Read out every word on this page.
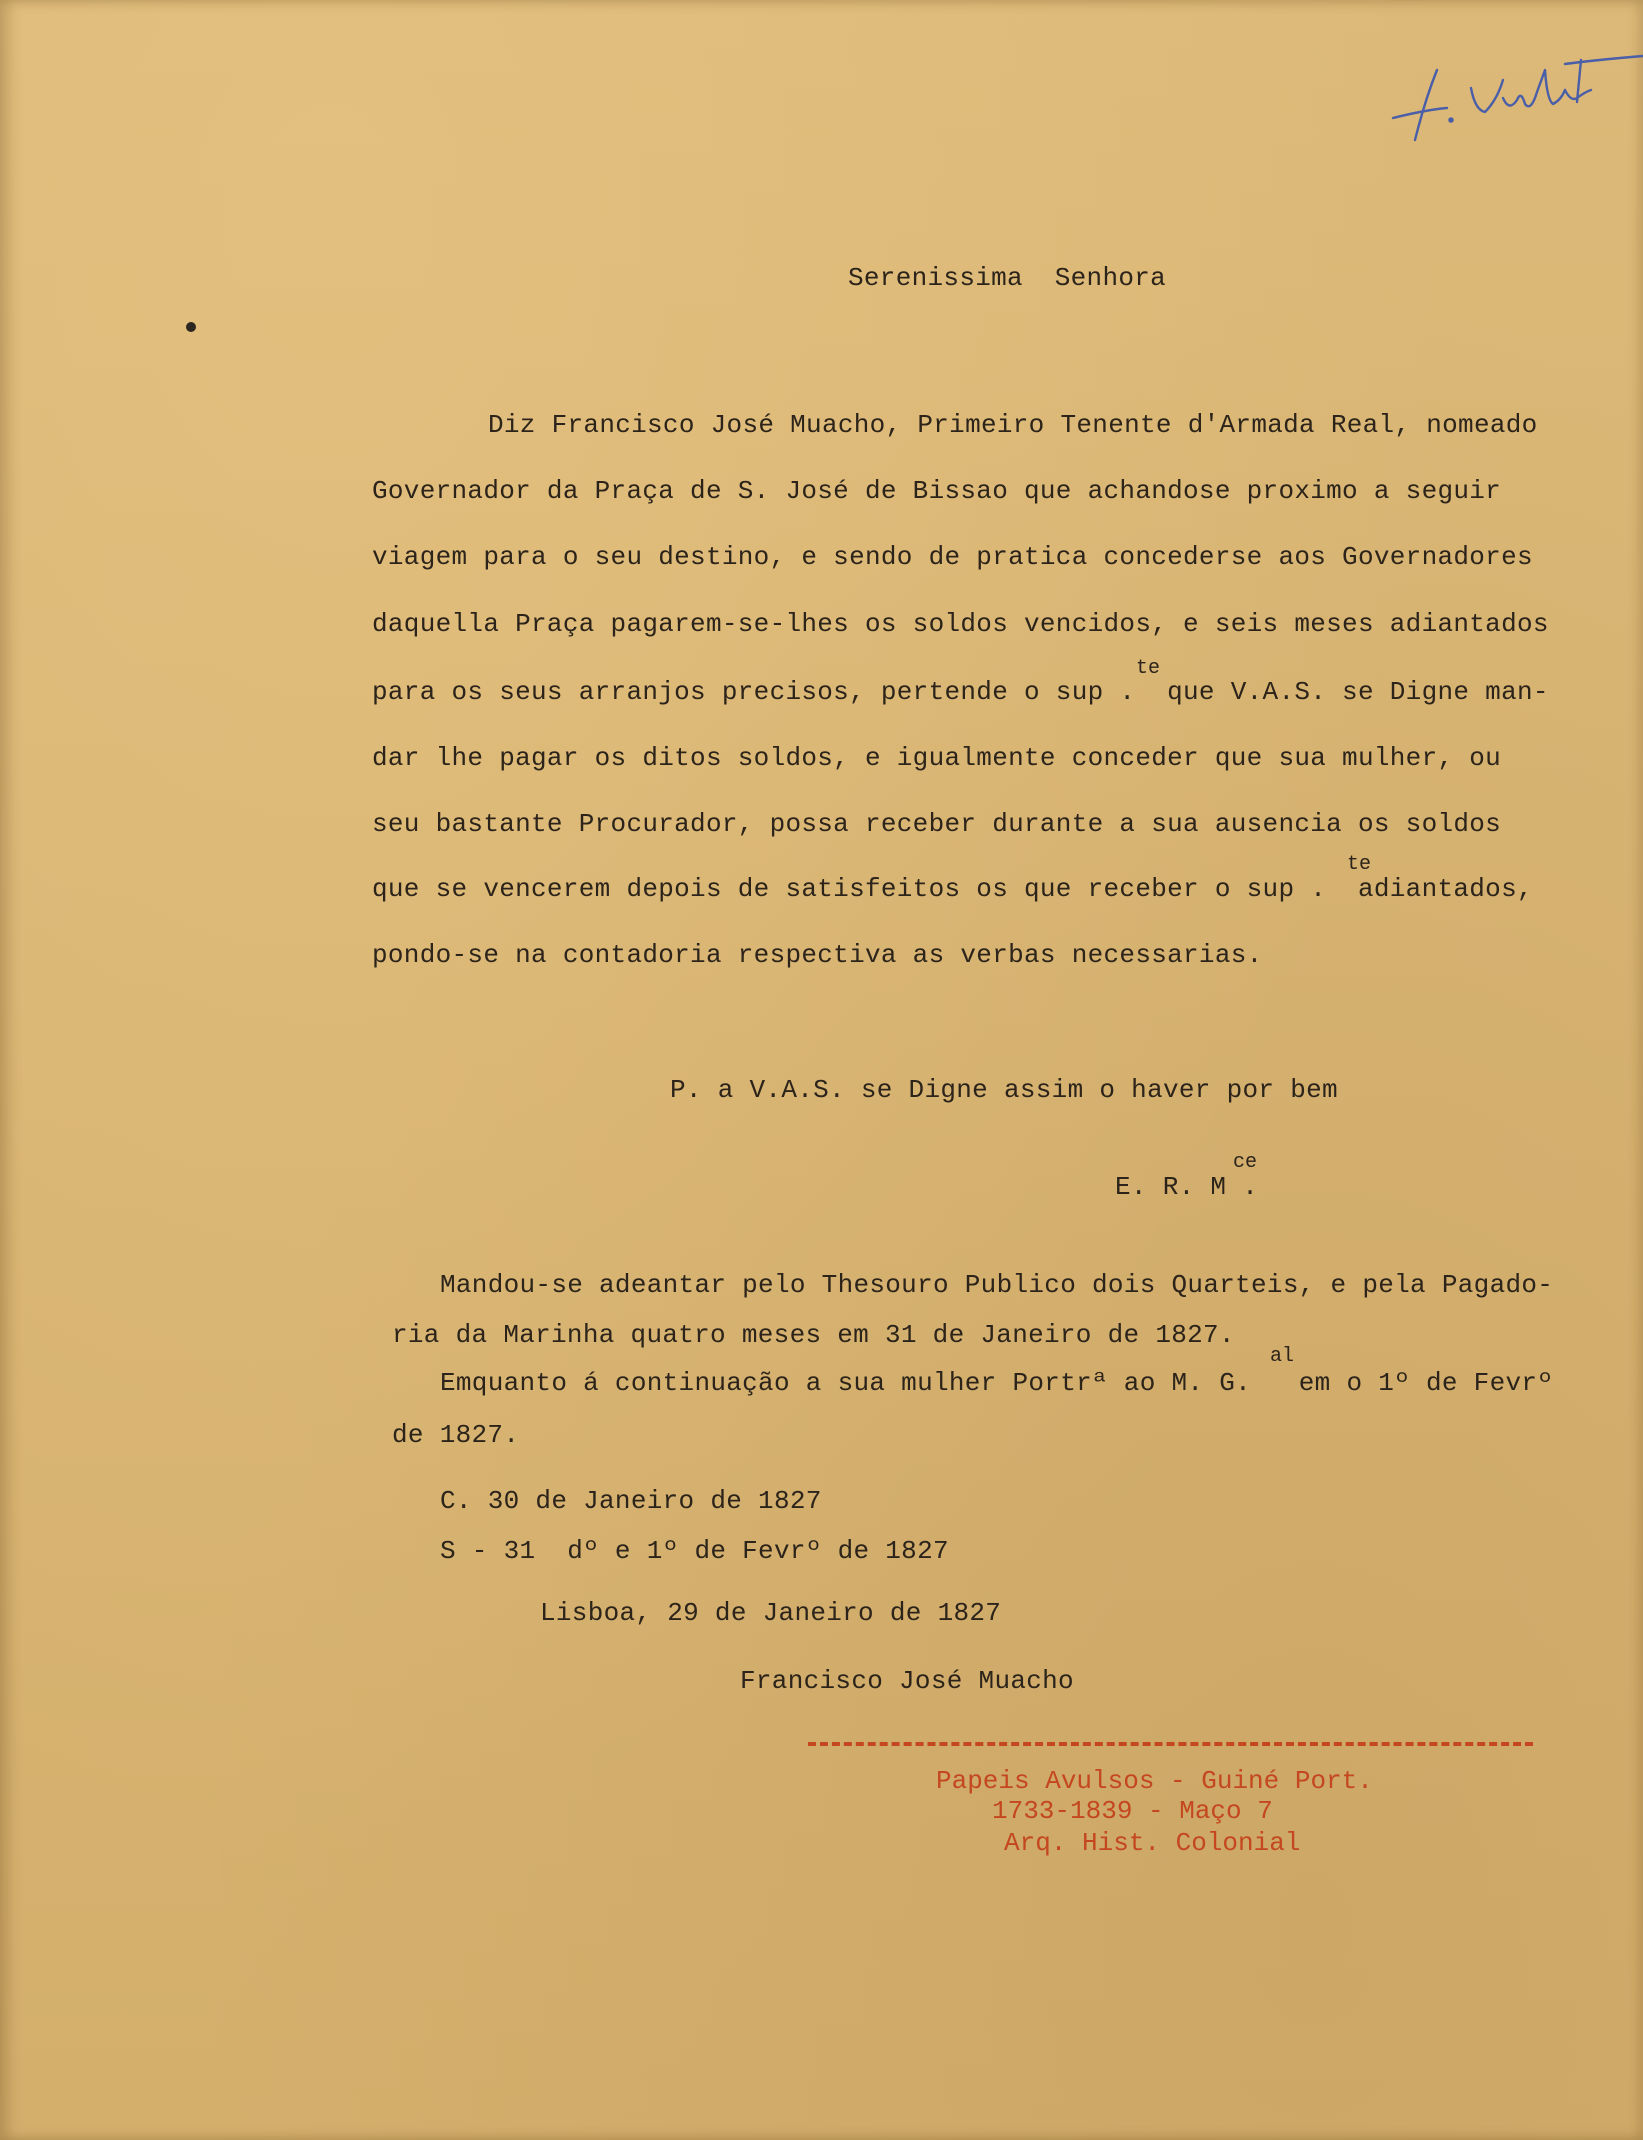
Serenissima  Senhora
Diz Francisco José Muacho, Primeiro Tenente d'Armada Real, nomeado
Governador da Praça de S. José de Bissao que achandose proximo a seguir
viagem para o seu destino, e sendo de pratica concederse aos Governadores
daquella Praça pagarem-se-lhes os soldos vencidos, e seis meses adiantados
para os seus arranjos precisos, pertende o sup .  que V.A.S. se Digne man-
te
dar lhe pagar os ditos soldos, e igualmente conceder que sua mulher, ou
seu bastante Procurador, possa receber durante a sua ausencia os soldos
que se vencerem depois de satisfeitos os que receber o sup .  adiantados,
te
pondo-se na contadoria respectiva as verbas necessarias.
P. a V.A.S. se Digne assim o haver por bem
E. R. M .
ce
Mandou-se adeantar pelo Thesouro Publico dois Quarteis, e pela Pagado-
ria da Marinha quatro meses em 31 de Janeiro de 1827.
Emquanto á continuação a sua mulher Portrª ao M. G.   em o 1º de Fevrº
al
de 1827.
C. 30 de Janeiro de 1827
S - 31  dº e 1º de Fevrº de 1827
Lisboa, 29 de Janeiro de 1827
Francisco José Muacho
Papeis Avulsos - Guiné Port.
1733-1839 - Maço 7
Arq. Hist. Colonial
